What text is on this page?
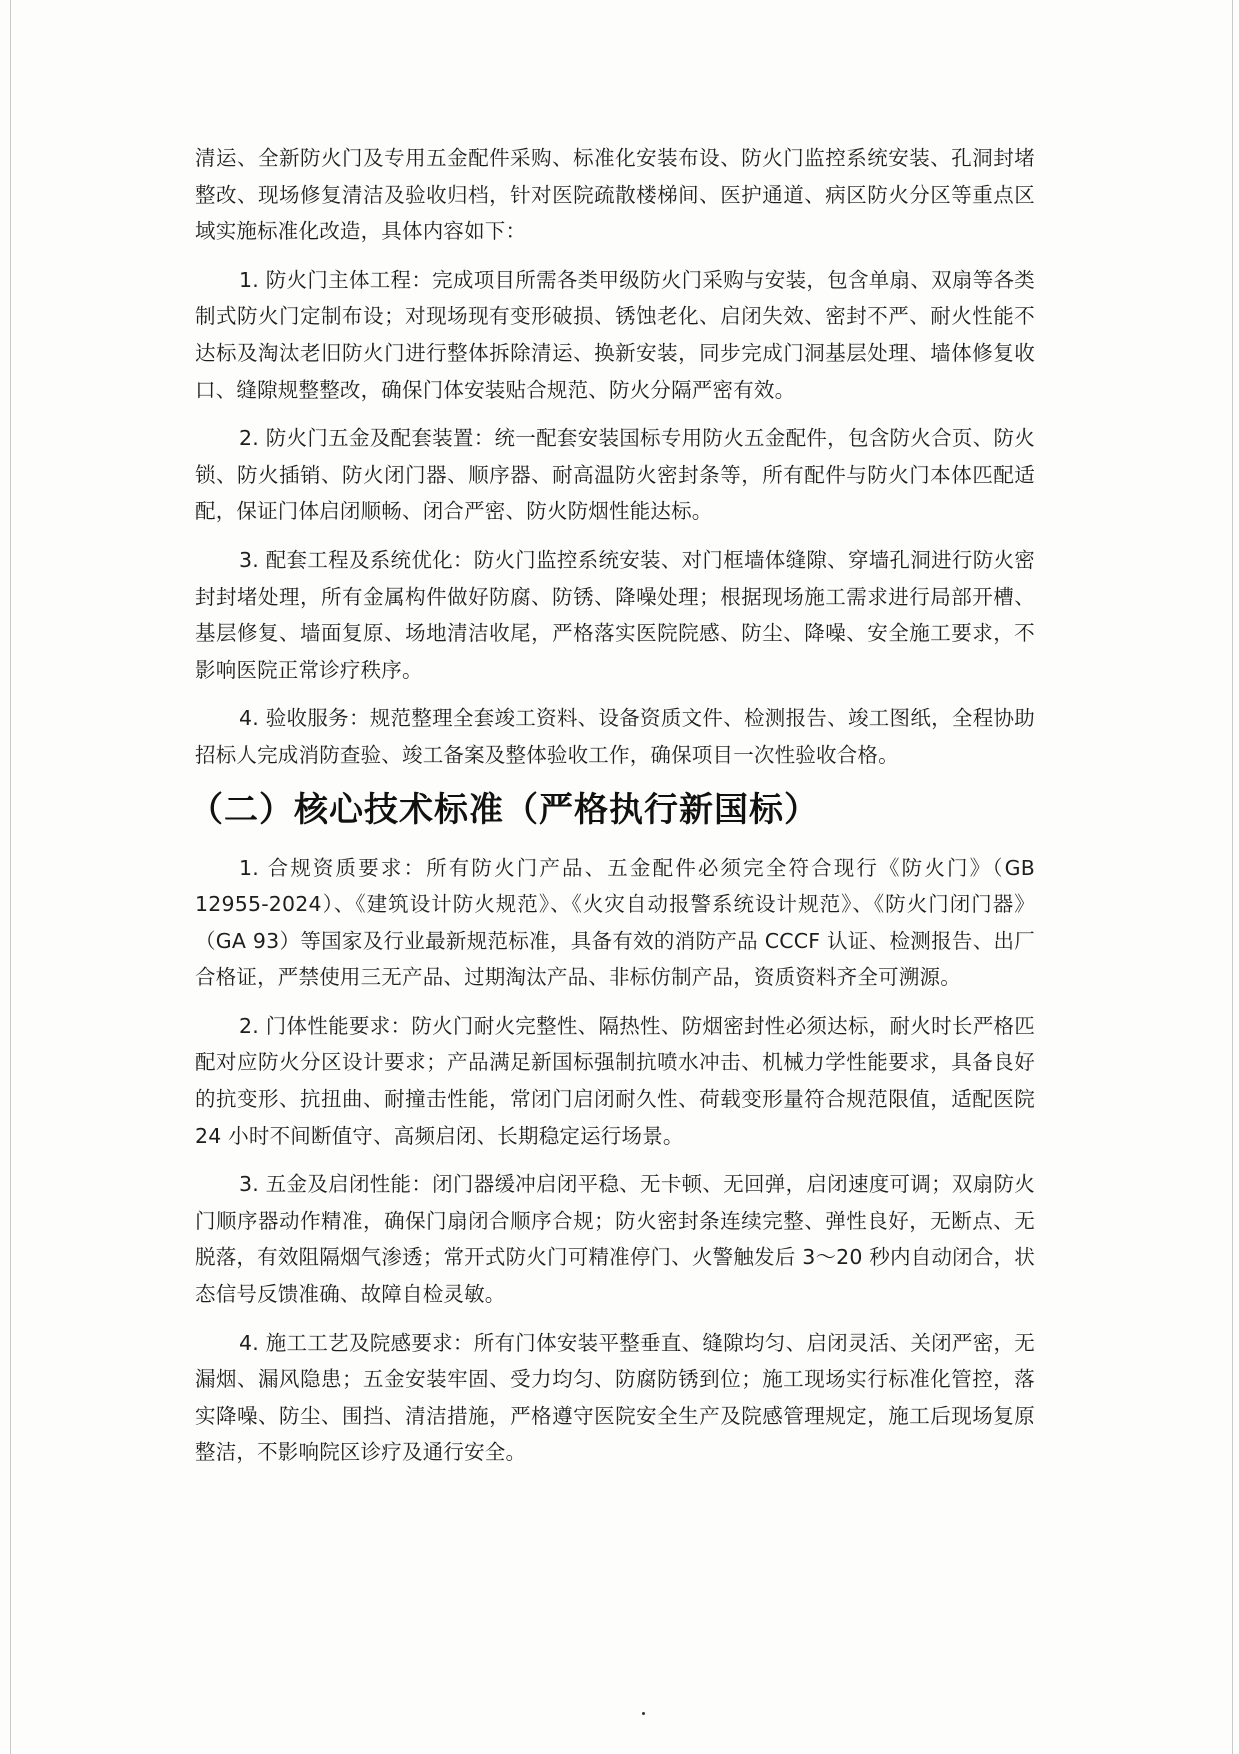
清运、全新防火门及专用五金配件采购、标准化安装布设、防火门监控系统安装、孔洞封堵整改、现场修复清洁及验收归档，针对医院疏散楼梯间、医护通道、病区防火分区等重点区域实施标准化改造，具体内容如下：

1. 防火门主体工程：完成项目所需各类甲级防火门采购与安装，包含单扇、双扇等各类制式防火门定制布设；对现场现有变形破损、锈蚀老化、启闭失效、密封不严、耐火性能不达标及淘汰老旧防火门进行整体拆除清运、换新安装，同步完成门洞基层处理、墙体修复收口、缝隙规整整改，确保门体安装贴合规范、防火分隔严密有效。

2. 防火门五金及配套装置：统一配套安装国标专用防火五金配件，包含防火合页、防火锁、防火插销、防火闭门器、顺序器、耐高温防火密封条等，所有配件与防火门本体匹配适配，保证门体启闭顺畅、闭合严密、防火防烟性能达标。

3. 配套工程及系统优化：防火门监控系统安装、对门框墙体缝隙、穿墙孔洞进行防火密封封堵处理，所有金属构件做好防腐、防锈、降噪处理；根据现场施工需求进行局部开槽、基层修复、墙面复原、场地清洁收尾，严格落实医院院感、防尘、降噪、安全施工要求，不影响医院正常诊疗秩序。

4. 验收服务：规范整理全套竣工资料、设备资质文件、检测报告、竣工图纸，全程协助招标人完成消防查验、竣工备案及整体验收工作，确保项目一次性验收合格。

（二）核心技术标准（严格执行新国标）

1. 合规资质要求：所有防火门产品、五金配件必须完全符合现行《防火门》（GB 12955-2024）、《建筑设计防火规范》、《火灾自动报警系统设计规范》、《防火门闭门器》（GA 93）等国家及行业最新规范标准，具备有效的消防产品 CCCF 认证、检测报告、出厂合格证，严禁使用三无产品、过期淘汰产品、非标仿制产品，资质资料齐全可溯源。

2. 门体性能要求：防火门耐火完整性、隔热性、防烟密封性必须达标，耐火时长严格匹配对应防火分区设计要求；产品满足新国标强制抗喷水冲击、机械力学性能要求，具备良好的抗变形、抗扭曲、耐撞击性能，常闭门启闭耐久性、荷载变形量符合规范限值，适配医院 24 小时不间断值守、高频启闭、长期稳定运行场景。

3. 五金及启闭性能：闭门器缓冲启闭平稳、无卡顿、无回弹，启闭速度可调；双扇防火门顺序器动作精准，确保门扇闭合顺序合规；防火密封条连续完整、弹性良好，无断点、无脱落，有效阻隔烟气渗透；常开式防火门可精准停门、火警触发后 3～20 秒内自动闭合，状态信号反馈准确、故障自检灵敏。

4. 施工工艺及院感要求：所有门体安装平整垂直、缝隙均匀、启闭灵活、关闭严密，无漏烟、漏风隐患；五金安装牢固、受力均匀、防腐防锈到位；施工现场实行标准化管控，落实降噪、防尘、围挡、清洁措施，严格遵守医院安全生产及院感管理规定，施工后现场复原整洁，不影响院区诊疗及通行安全。
